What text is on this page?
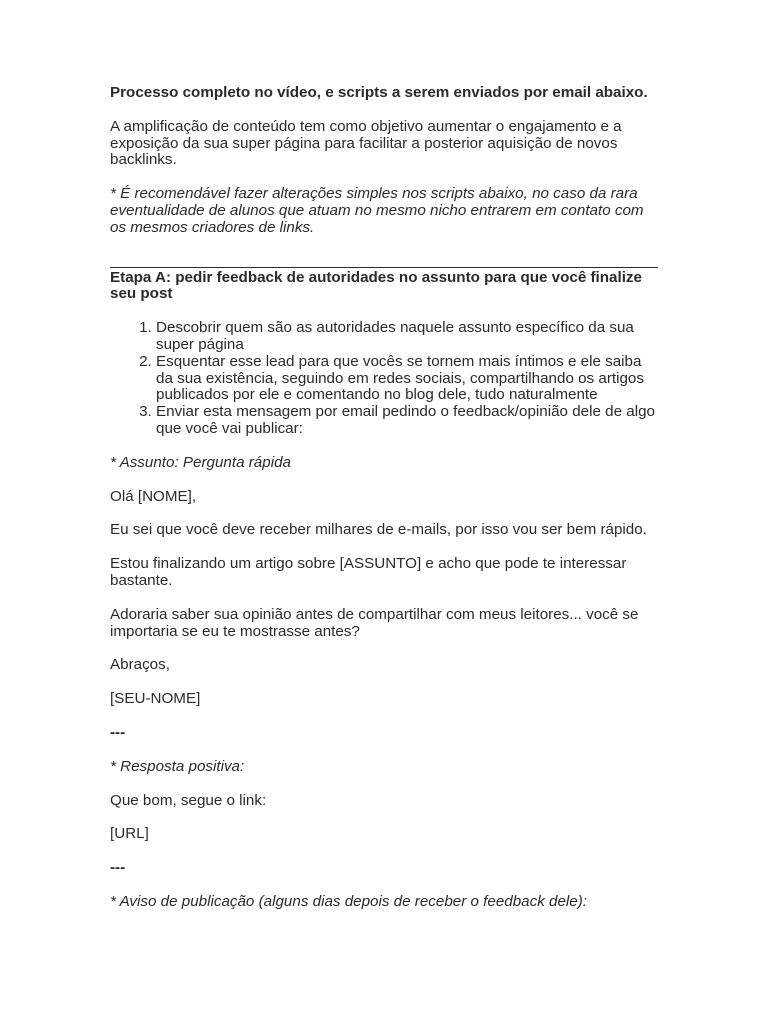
Processo completo no vídeo, e scripts a serem enviados por email abaixo.

A amplificação de conteúdo tem como objetivo aumentar o engajamento e a exposição da sua super página para facilitar a posterior aquisição de novos backlinks.

* É recomendável fazer alterações simples nos scripts abaixo, no caso da rara eventualidade de alunos que atuam no mesmo nicho entrarem em contato com os mesmos criadores de links.

Etapa A: pedir feedback de autoridades no assunto para que você finalize seu post

1. Descobrir quem são as autoridades naquele assunto específico da sua super página
2. Esquentar esse lead para que vocês se tornem mais íntimos e ele saiba da sua existência, seguindo em redes sociais, compartilhando os artigos publicados por ele e comentando no blog dele, tudo naturalmente
3. Enviar esta mensagem por email pedindo o feedback/opinião dele de algo que você vai publicar:

* Assunto: Pergunta rápida

Olá [NOME],

Eu sei que você deve receber milhares de e-mails, por isso vou ser bem rápido.

Estou finalizando um artigo sobre [ASSUNTO] e acho que pode te interessar bastante.

Adoraria saber sua opinião antes de compartilhar com meus leitores... você se importaria se eu te mostrasse antes?

Abraços,

[SEU-NOME]

---

* Resposta positiva:

Que bom, segue o link:

[URL]

---

* Aviso de publicação (alguns dias depois de receber o feedback dele):
